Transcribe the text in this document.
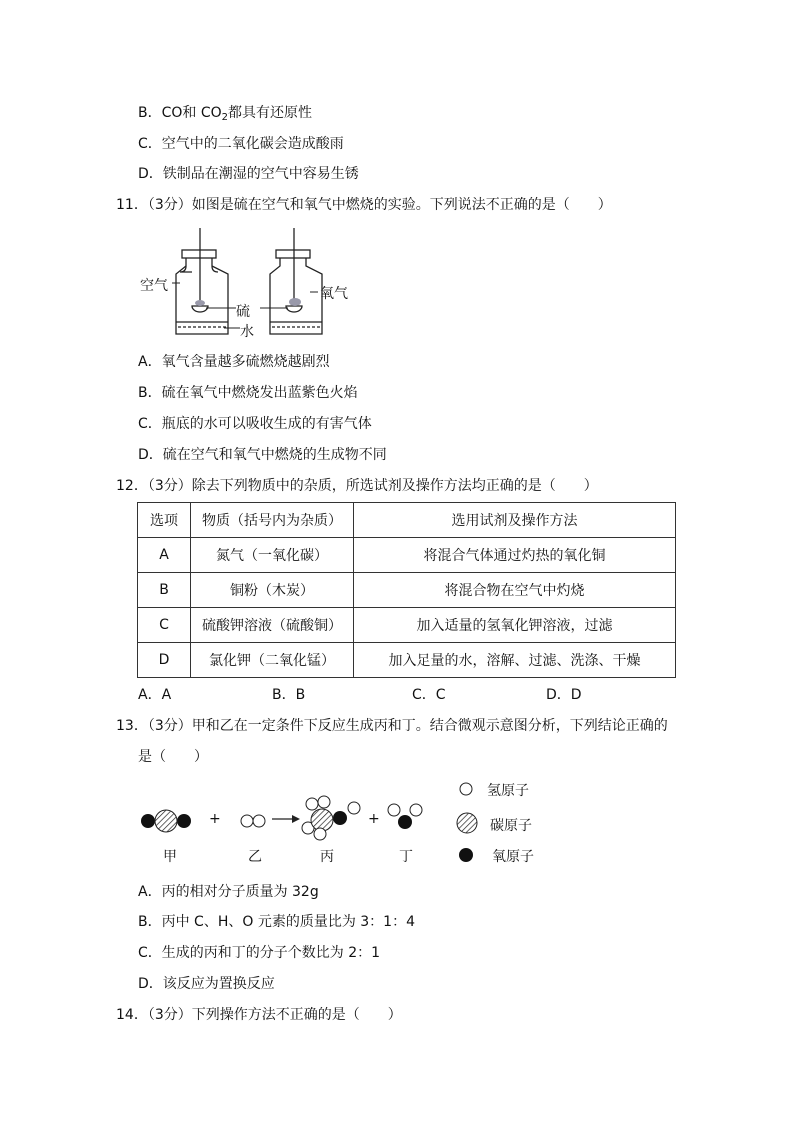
B．CO和 $CO_2$都具有还原性
C．空气中的二氧化碳会造成酸雨
D．铁制品在潮湿的空气中容易生锈
11．（3分）如图是硫在空气和氧气中燃烧的实验。下列说法不正确的是（　　）
空气
硫
水
氧气
A．氧气含量越多硫燃烧越剧烈
B．硫在氧气中燃烧发出蓝紫色火焰
C．瓶底的水可以吸收生成的有害气体
D．硫在空气和氧气中燃烧的生成物不同
12．（3分）除去下列物质中的杂质，所选试剂及操作方法均正确的是（　　）
选项	物质（括号内为杂质）	选用试剂及操作方法
A	氮气（一氧化碳）	将混合气体通过灼热的氧化铜
B	铜粉（木炭）	将混合物在空气中灼烧
C	硫酸钾溶液（硫酸铜）	加入适量的氢氧化钾溶液，过滤
D	氯化钾（二氧化锰）	加入足量的水，溶解、过滤、洗涤、干燥
A．A	B．B	C．C	D．D
13．（3分）甲和乙在一定条件下反应生成丙和丁。结合微观示意图分析，下列结论正确的
是（　　）
+	+
甲	乙	丙	丁
氢原子
碳原子
氧原子
A．丙的相对分子质量为 32g
B．丙中 C、H、O 元素的质量比为 3：1：4
C．生成的丙和丁的分子个数比为 2：1
D．该反应为置换反应
14．（3分）下列操作方法不正确的是（　　）
